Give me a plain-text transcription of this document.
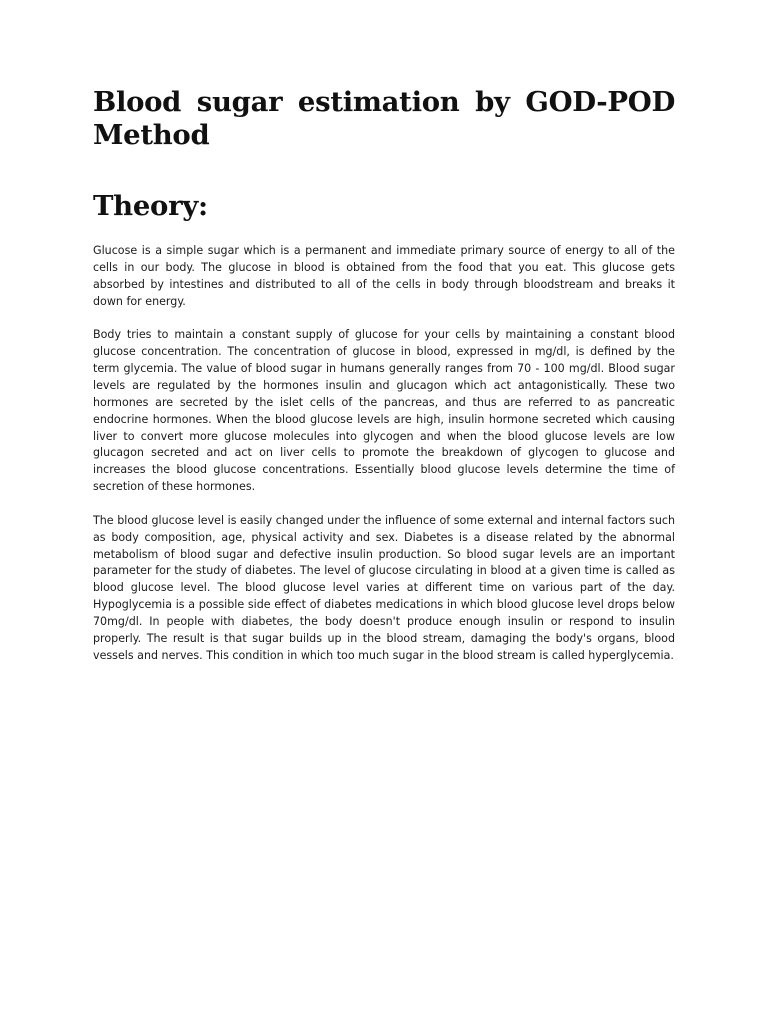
Blood sugar estimation by GOD-POD Method
Theory:

Glucose is a simple sugar which is a permanent and immediate primary source of energy to all of the cells in our body. The glucose in blood is obtained from the food that you eat. This glucose gets absorbed by intestines and distributed to all of the cells in body through bloodstream and breaks it down for energy.

Body tries to maintain a constant supply of glucose for your cells by maintaining a constant blood glucose concentration. The concentration of glucose in blood, expressed in mg/dl, is defined by the term glycemia. The value of blood sugar in humans generally ranges from 70 - 100 mg/dl. Blood sugar levels are regulated by the hormones insulin and glucagon which act antagonistically. These two hormones are secreted by the islet cells of the pancreas, and thus are referred to as pancreatic endocrine hormones. When the blood glucose levels are high, insulin hormone secreted which causing liver to convert more glucose molecules into glycogen and when the blood glucose levels are low glucagon secreted and act on liver cells to promote the breakdown of glycogen to glucose and increases the blood glucose concentrations. Essentially blood glucose levels determine the time of secretion of these hormones.

The blood glucose level is easily changed under the influence of some external and internal factors such as body composition, age, physical activity and sex. Diabetes is a disease related by the abnormal metabolism of blood sugar and defective insulin production. So blood sugar levels are an important parameter for the study of diabetes. The level of glucose circulating in blood at a given time is called as blood glucose level. The blood glucose level varies at different time on various part of the day. Hypoglycemia is a possible side effect of diabetes medications in which blood glucose level drops below 70mg/dl. In people with diabetes, the body doesn't produce enough insulin or respond to insulin properly. The result is that sugar builds up in the blood stream, damaging the body's organs, blood vessels and nerves. This condition in which too much sugar in the blood stream is called hyperglycemia.
